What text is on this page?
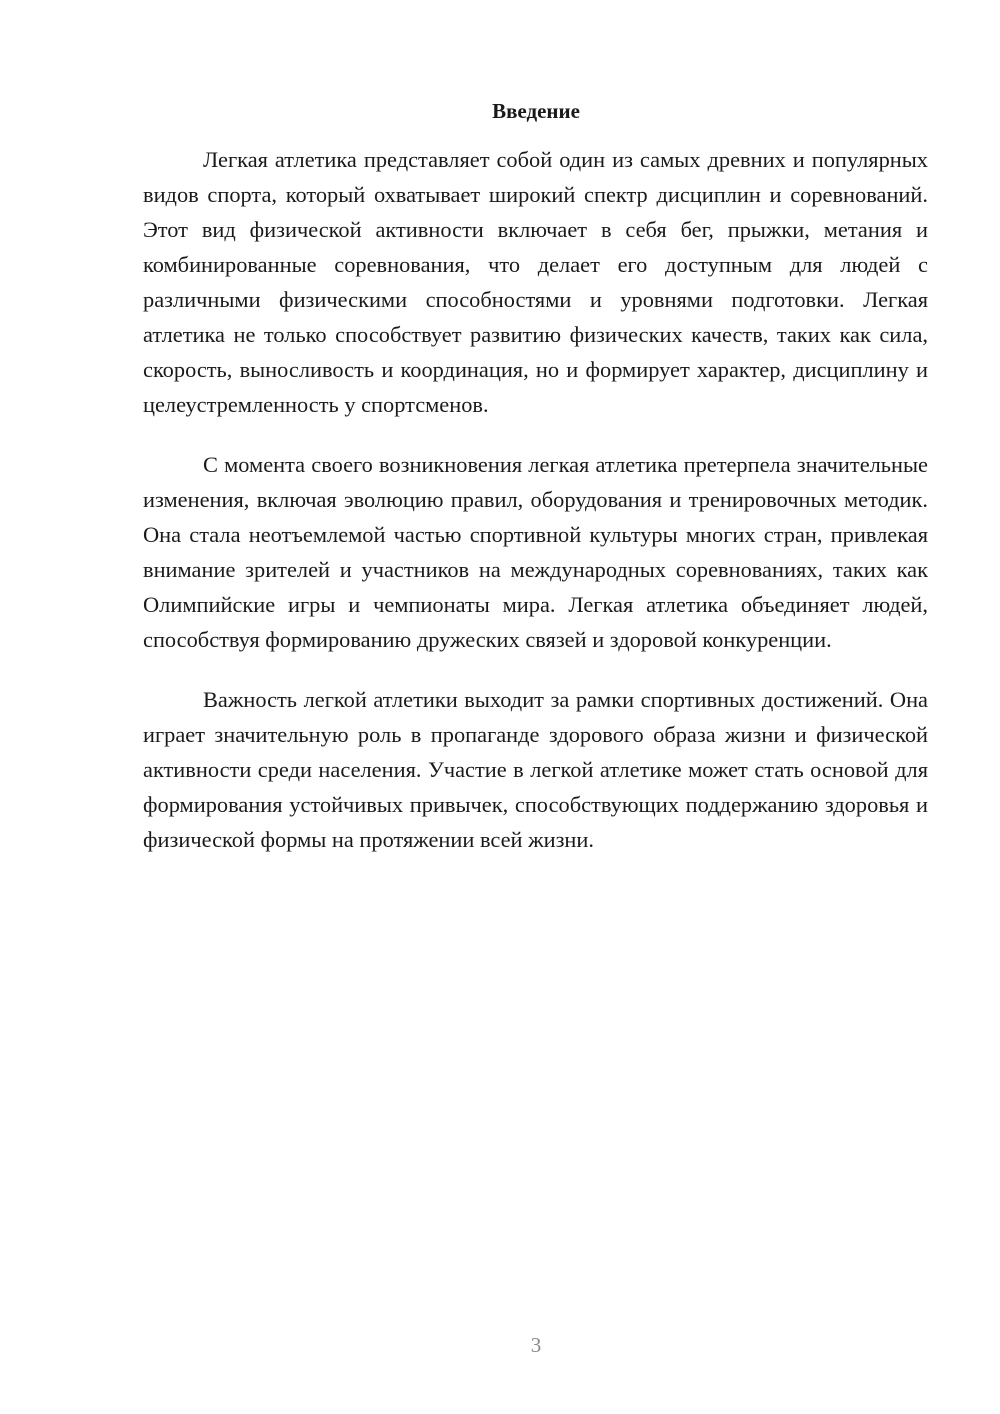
Введение

Легкая атлетика представляет собой один из самых древних и популярных видов спорта, который охватывает широкий спектр дисциплин и соревнований. Этот вид физической активности включает в себя бег, прыжки, метания и комбинированные соревнования, что делает его доступным для людей с различными физическими способностями и уровнями подготовки. Легкая атлетика не только способствует развитию физических качеств, таких как сила, скорость, выносливость и координация, но и формирует характер, дисциплину и целеустремленность у спортсменов.

С момента своего возникновения легкая атлетика претерпела значительные изменения, включая эволюцию правил, оборудования и тренировочных методик. Она стала неотъемлемой частью спортивной культуры многих стран, привлекая внимание зрителей и участников на международных соревнованиях, таких как Олимпийские игры и чемпионаты мира. Легкая атлетика объединяет людей, способствуя формированию дружеских связей и здоровой конкуренции.

Важность легкой атлетики выходит за рамки спортивных достижений. Она играет значительную роль в пропаганде здорового образа жизни и физической активности среди населения. Участие в легкой атлетике может стать основой для формирования устойчивых привычек, способствующих поддержанию здоровья и физической формы на протяжении всей жизни.

3
